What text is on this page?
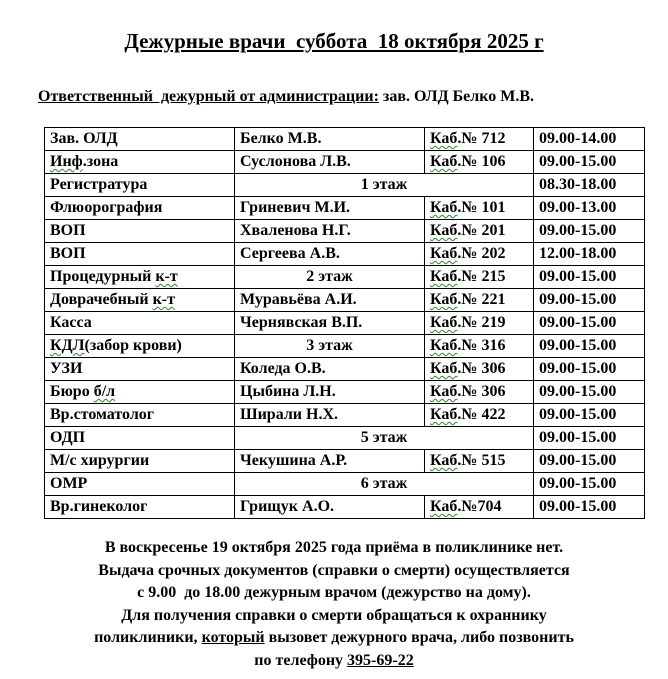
Дежурные врачи  суббота  18 октября 2025 г
Ответственный  дежурный от администрации: зав. ОЛД Белко М.В.
Зав. ОЛД	Белко М.В.	Каб.№ 712	09.00-14.00
Инф.зона	Суслонова Л.В.	Каб.№ 106	09.00-15.00
Регистратура	1 этаж		08.30-18.00
Флюорография	Гриневич М.И.	Каб.№ 101	09.00-13.00
ВОП	Хваленова Н.Г.	Каб.№ 201	09.00-15.00
ВОП	Сергеева А.В.	Каб.№ 202	12.00-18.00
Процедурный к-т	2 этаж	Каб.№ 215	09.00-15.00
Доврачебный к-т	Муравьёва А.И.	Каб.№ 221	09.00-15.00
Касса	Чернявская В.П.	Каб.№ 219	09.00-15.00
КДЛ(забор крови)	3 этаж	Каб.№ 316	09.00-15.00
УЗИ	Коледа О.В.	Каб.№ 306	09.00-15.00
Бюро б/л	Цыбина Л.Н.	Каб.№ 306	09.00-15.00
Вр.стоматолог	Ширали Н.Х.	Каб.№ 422	09.00-15.00
ОДП	5 этаж		09.00-15.00
М/с хирургии	Чекушина А.Р.	Каб.№ 515	09.00-15.00
ОМР	6 этаж		09.00-15.00
Вр.гинеколог	Грищук А.О.	Каб.№704	09.00-15.00
В воскресенье 19 октября 2025 года приёма в поликлинике нет.
Выдача срочных документов (справки о смерти) осуществляется
с 9.00  до 18.00 дежурным врачом (дежурство на дому).
Для получения справки о смерти обращаться к охраннику
поликлиники, который вызовет дежурного врача, либо позвонить
по телефону 395-69-22
